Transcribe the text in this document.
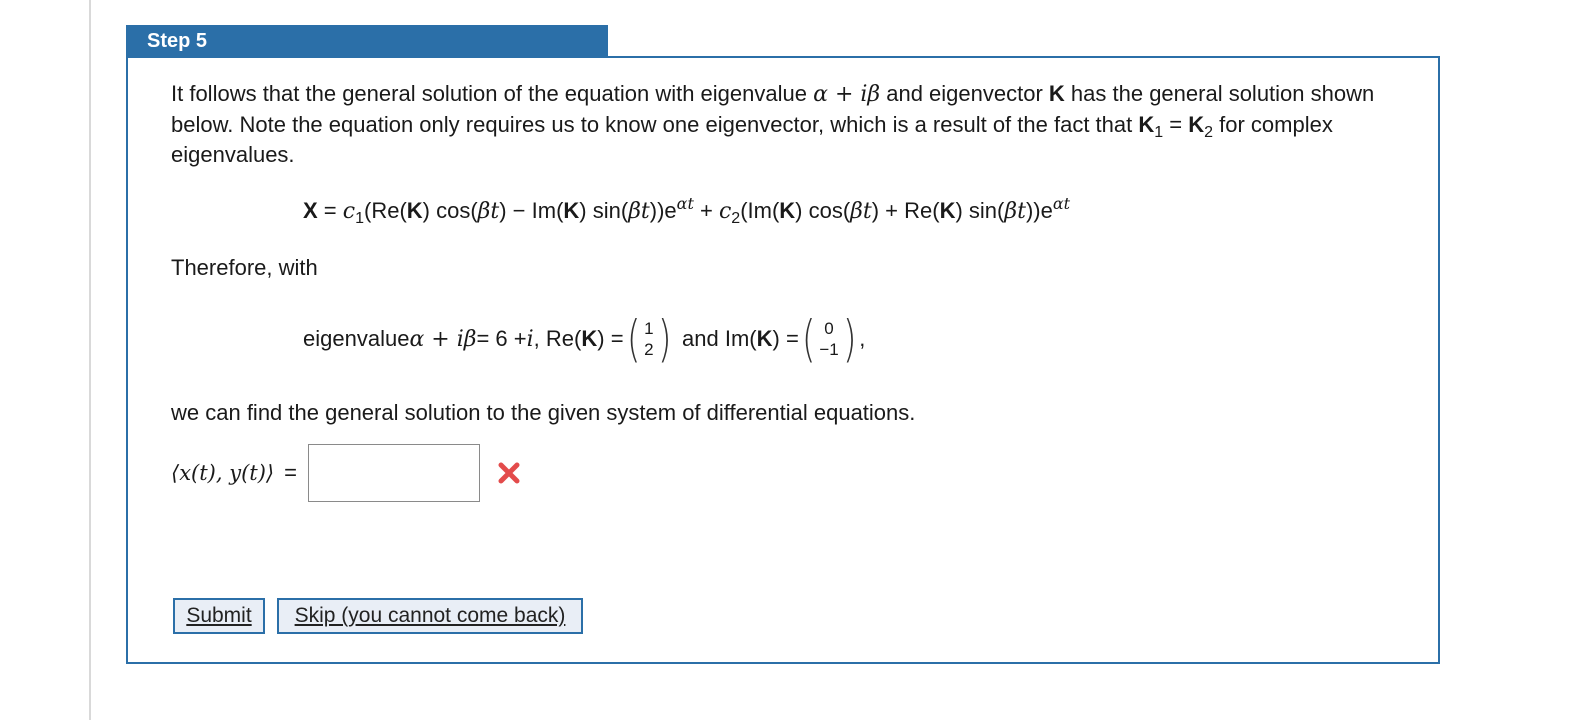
Step 5
It follows that the general solution of the equation with eigenvalue α + iβ and eigenvector K has the general solution shown below. Note the equation only requires us to know one eigenvector, which is a result of the fact that $K_1 = K_2$ for complex eigenvalues.
$X = c_1(Re(K) \cos(\beta t) - Im(K) \sin(\beta t))e^{\alpha t} + c_2(Im(K) \cos(\beta t) + Re(K)$ $\sin(\beta t))e^{\alpha t}$
Therefore, with
eigenvalue α + iβ = 6 + i , Re( K ) = ( 1
2 ) and Im( K ) = ( 0
−1 ) ,
we can find the general solution to the given system of differential equations.
⟨x(t), y(t)⟩ =
Submit	Skip (you cannot come back)
